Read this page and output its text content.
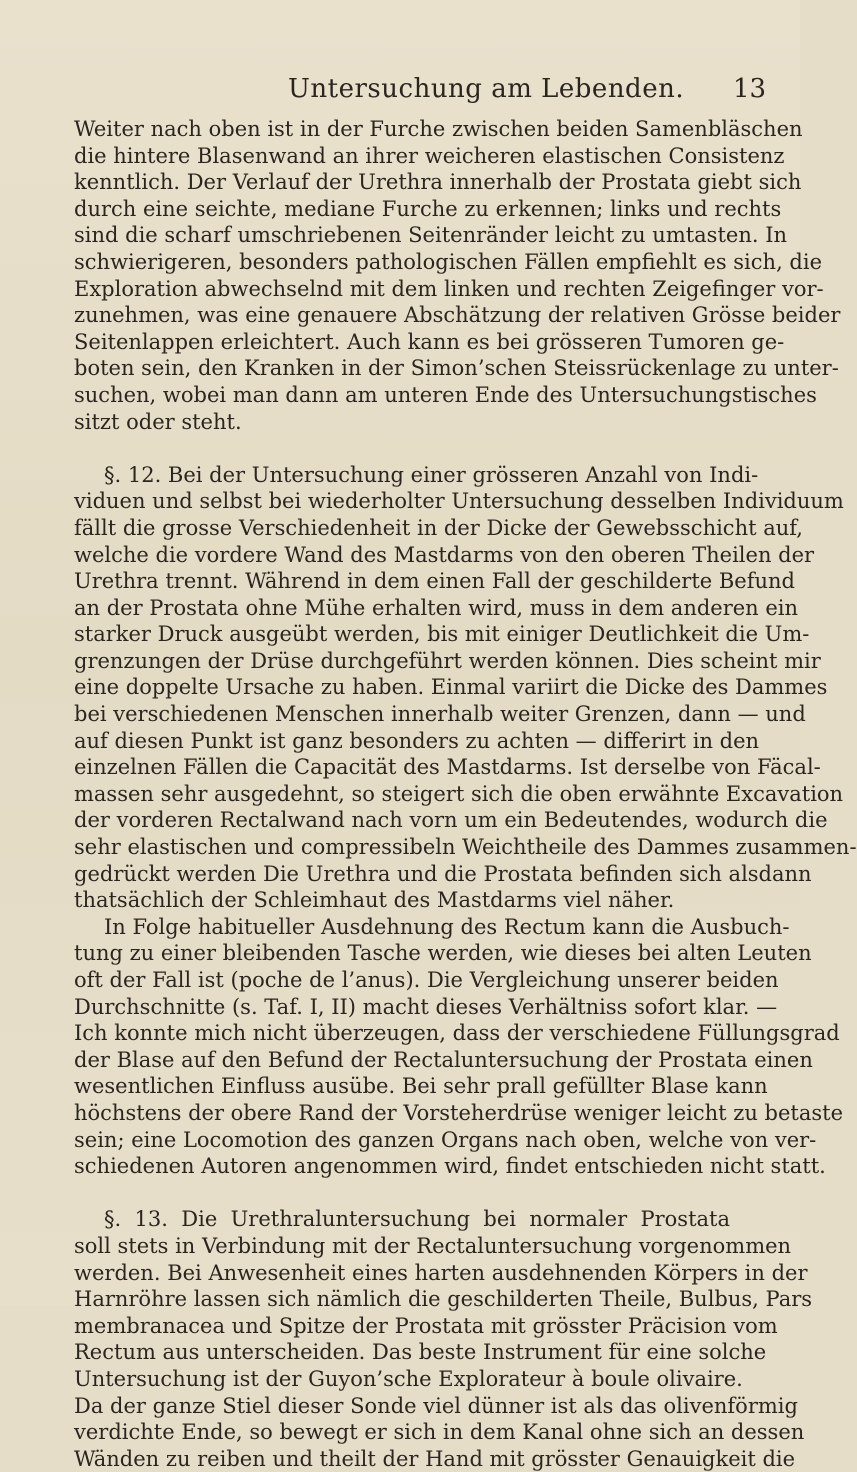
Untersuchung am Lebenden. 13
Weiter nach oben ist in der Furche zwischen beiden Samenbläschen
die hintere Blasenwand an ihrer weicheren elastischen Consistenz
kenntlich. Der Verlauf der Urethra innerhalb der Prostata giebt sich
durch eine seichte, mediane Furche zu erkennen; links und rechts
sind die scharf umschriebenen Seitenränder leicht zu umtasten. In
schwierigeren, besonders pathologischen Fällen empfiehlt es sich, die
Exploration abwechselnd mit dem linken und rechten Zeigefinger vor-
zunehmen, was eine genauere Abschätzung der relativen Grösse beider
Seitenlappen erleichtert. Auch kann es bei grösseren Tumoren ge-
boten sein, den Kranken in der Simon’schen Steissrückenlage zu unter-
suchen, wobei man dann am unteren Ende des Untersuchungstisches
sitzt oder steht.
§. 12. Bei der Untersuchung einer grösseren Anzahl von Indi-
viduen und selbst bei wiederholter Untersuchung desselben Individuum
fällt die grosse Verschiedenheit in der Dicke der Gewebsschicht auf,
welche die vordere Wand des Mastdarms von den oberen Theilen der
Urethra trennt. Während in dem einen Fall der geschilderte Befund
an der Prostata ohne Mühe erhalten wird, muss in dem anderen ein
starker Druck ausgeübt werden, bis mit einiger Deutlichkeit die Um-
grenzungen der Drüse durchgeführt werden können. Dies scheint mir
eine doppelte Ursache zu haben. Einmal variirt die Dicke des Dammes
bei verschiedenen Menschen innerhalb weiter Grenzen, dann — und
auf diesen Punkt ist ganz besonders zu achten — differirt in den
einzelnen Fällen die Capacität des Mastdarms. Ist derselbe von Fäcal-
massen sehr ausgedehnt, so steigert sich die oben erwähnte Excavation
der vorderen Rectalwand nach vorn um ein Bedeutendes, wodurch die
sehr elastischen und compressibeln Weichtheile des Dammes zusammen-
gedrückt werden Die Urethra und die Prostata befinden sich alsdann
thatsächlich der Schleimhaut des Mastdarms viel näher.
In Folge habitueller Ausdehnung des Rectum kann die Ausbuch-
tung zu einer bleibenden Tasche werden, wie dieses bei alten Leuten
oft der Fall ist (poche de l’anus). Die Vergleichung unserer beiden
Durchschnitte (s. Taf. I, II) macht dieses Verhältniss sofort klar. —
Ich konnte mich nicht überzeugen, dass der verschiedene Füllungsgrad
der Blase auf den Befund der Rectaluntersuchung der Prostata einen
wesentlichen Einfluss ausübe. Bei sehr prall gefüllter Blase kann
höchstens der obere Rand der Vorsteherdrüse weniger leicht zu betaste
sein; eine Locomotion des ganzen Organs nach oben, welche von ver-
schiedenen Autoren angenommen wird, findet entschieden nicht statt.
§. 13. Die Urethraluntersuchung bei normaler Prostata
soll stets in Verbindung mit der Rectaluntersuchung vorgenommen
werden. Bei Anwesenheit eines harten ausdehnenden Körpers in der
Harnröhre lassen sich nämlich die geschilderten Theile, Bulbus, Pars
membranacea und Spitze der Prostata mit grösster Präcision vom
Rectum aus unterscheiden. Das beste Instrument für eine solche
Untersuchung ist der Guyon’sche Explorateur à boule olivaire.
Da der ganze Stiel dieser Sonde viel dünner ist als das olivenförmig
verdichte Ende, so bewegt er sich in dem Kanal ohne sich an dessen
Wänden zu reiben und theilt der Hand mit grösster Genauigkeit die
